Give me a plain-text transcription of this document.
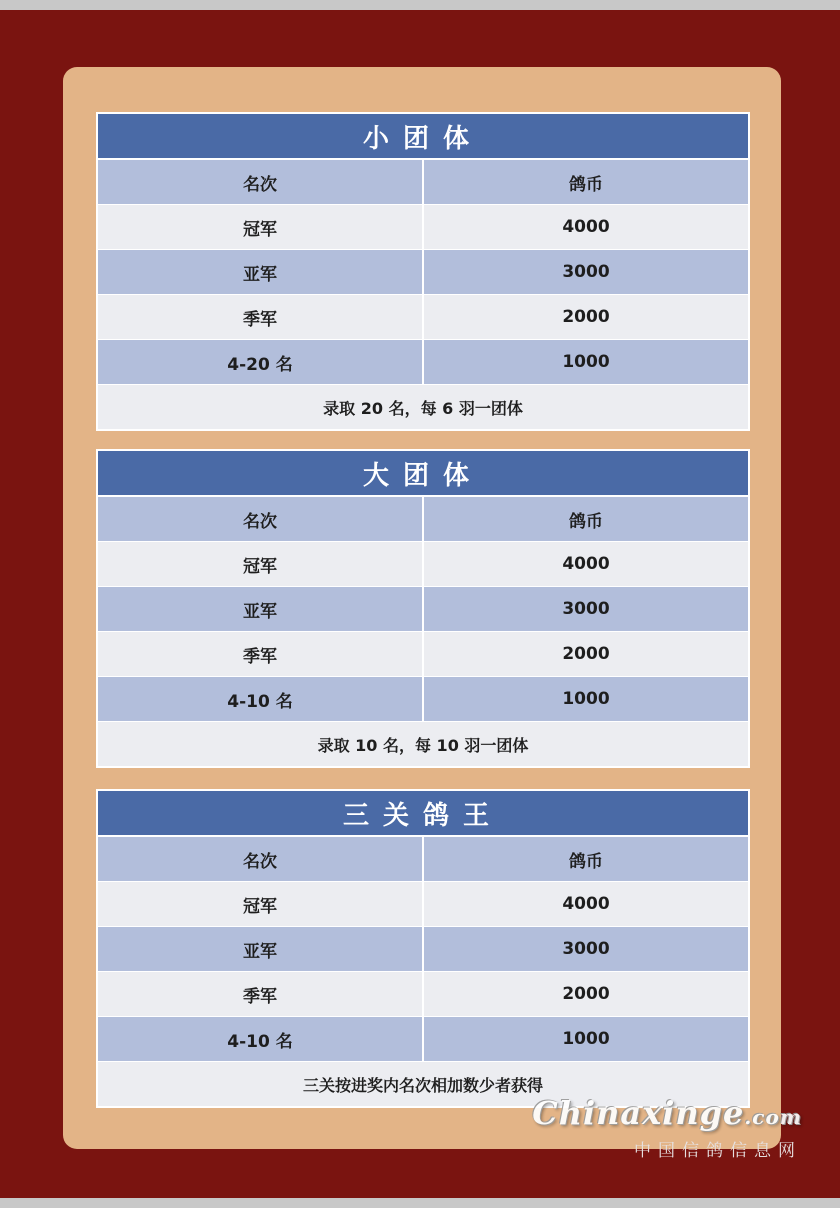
小团体
名次	鸽币
冠军	4000
亚军	3000
季军	2000
4-20 名	1000
录取 20 名，每 6 羽一团体
大团体
名次	鸽币
冠军	4000
亚军	3000
季军	2000
4-10 名	1000
录取 10 名，每 10 羽一团体
三关鸽王
名次	鸽币
冠军	4000
亚军	3000
季军	2000
4-10 名	1000
三关按进奖内名次相加数少者获得
Chinaxinge.com
中国信鸽信息网
